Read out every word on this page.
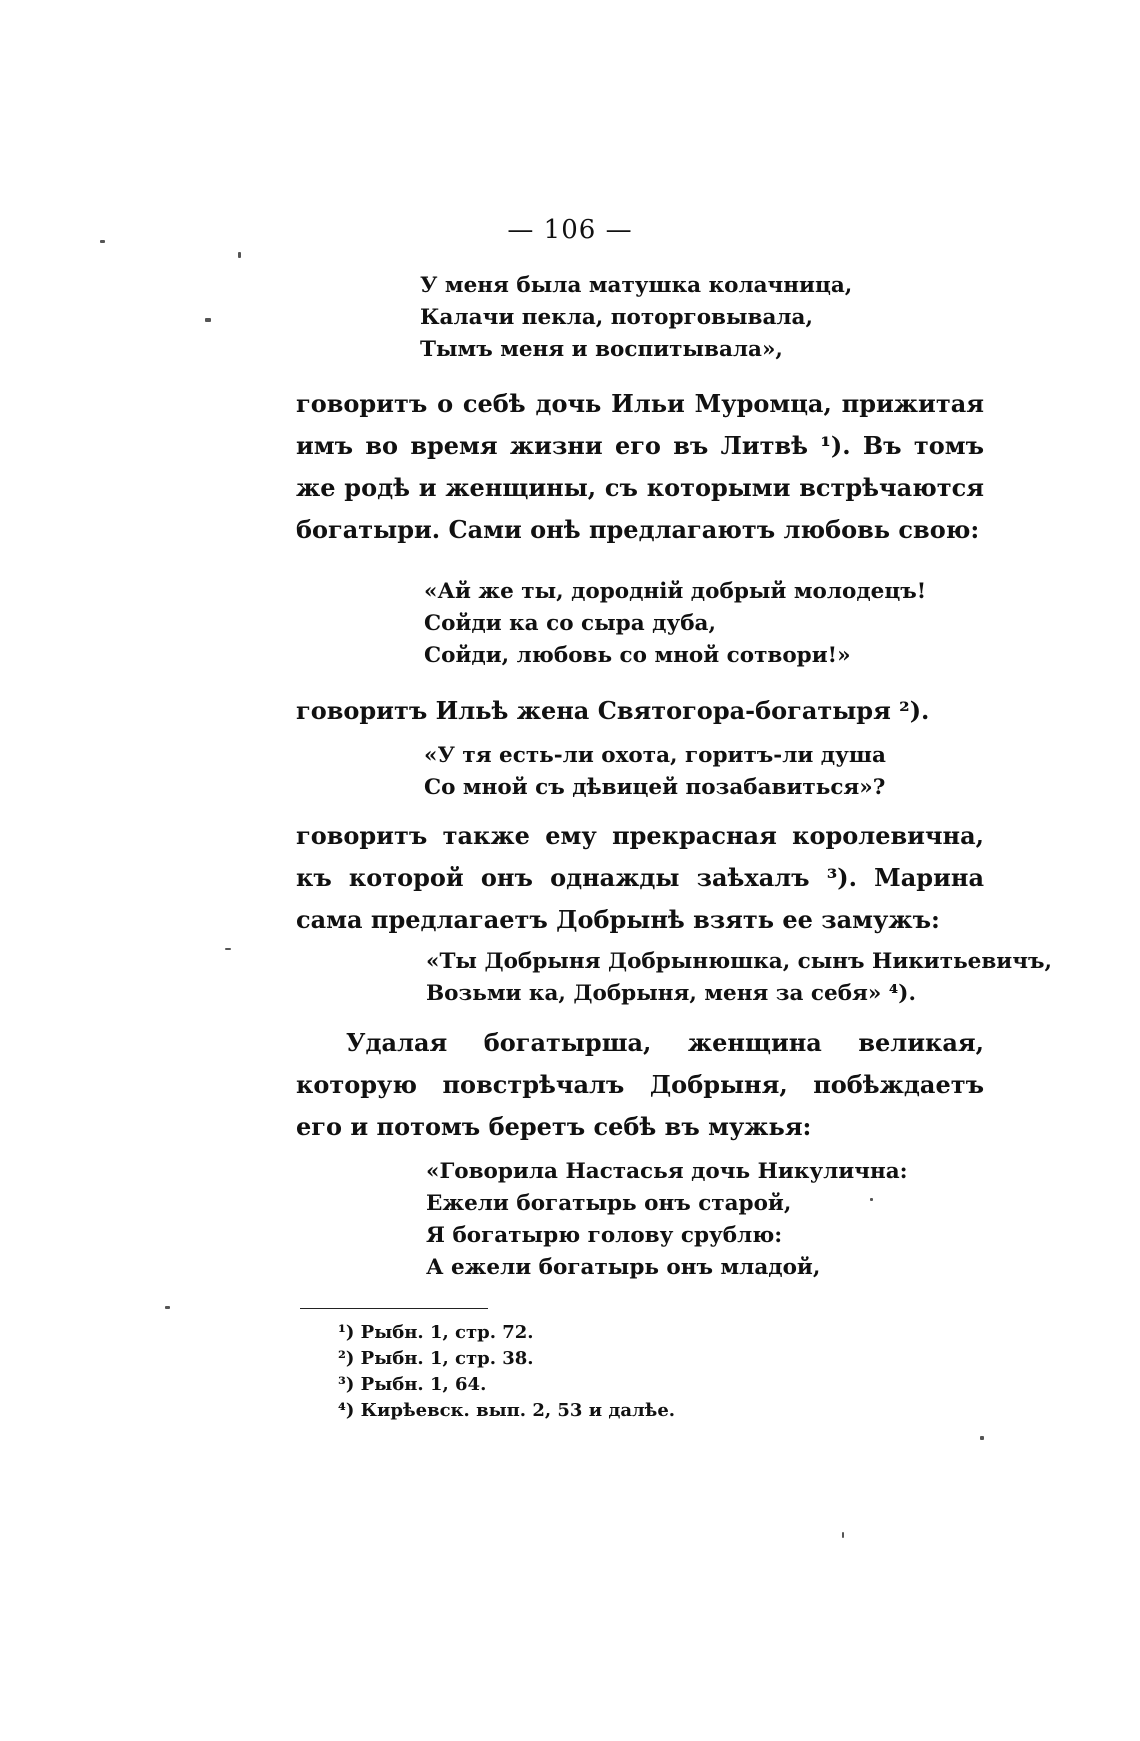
— 106 —
У меня была матушка колачница,
Калачи пекла, поторговывала,
Тымъ меня и воспитывала»,
говоритъ о себѣ дочь Ильи Муромца, прижитая имъ во время жизни его въ Литвѣ ¹). Въ томъ же родѣ и женщины, съ которыми встрѣчаются богатыри. Сами онѣ предлагаютъ любовь свою:
«Ай же ты, дородній добрый молодецъ!
Сойди ка со сыра дуба,
Сойди, любовь со мной сотвори!»
говоритъ Ильѣ жена Святогора-богатыря ²).
«У тя есть-ли охота, горитъ-ли душа
Со мной съ дѣвицей позабавиться»?
говоритъ также ему прекрасная королевична, къ которой онъ однажды заѣхалъ ³). Марина сама предлагаетъ Добрынѣ взять ее замужъ:
«Ты Добрыня Добрынюшка, сынъ Никитьевичъ,
Возьми ка, Добрыня, меня за себя» ⁴).
Удалая богатырша, женщина великая, которую повстрѣчалъ Добрыня, побѣждаетъ его и потомъ беретъ себѣ въ мужья:
«Говорила Настасья дочь Никулична:
Ежели богатырь онъ старой,
Я богатырю голову срублю:
А ежели богатырь онъ младой,
¹) Рыбн. 1, стр. 72.
²) Рыбн. 1, стр. 38.
³) Рыбн. 1, 64.
⁴) Кирѣевск. вып. 2, 53 и далѣе.
